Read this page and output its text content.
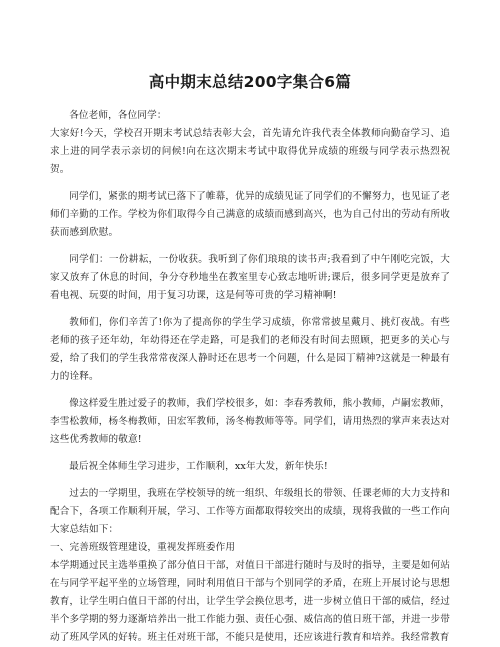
高中期末总结200字集合6篇

各位老师，各位同学：

大家好!今天，学校召开期末考试总结表彰大会，首先请允许我代表全体教师向勤奋学习、追求上进的同学表示亲切的问候!向在这次期末考试中取得优异成绩的班级与同学表示热烈祝贺。

同学们，紧张的期考试已落下了帷幕，优异的成绩见证了同学们的不懈努力，也见证了老师们辛勤的工作。学校为你们取得今自己满意的成绩而感到高兴，也为自己付出的劳动有所收获而感到欣慰。

同学们：一份耕耘，一份收获。我听到了你们琅琅的读书声;我看到了中午刚吃完饭，大家又放弃了休息的时间，争分夺秒地坐在教室里专心致志地听讲;课后，很多同学更是放弃了看电视、玩耍的时间，用于复习功课，这是何等可贵的学习精神啊!

教师们，你们辛苦了!你为了提高你的学生学习成绩，你常常披星戴月、挑灯夜战。有些老师的孩子还年幼，年幼得还在学走路，可是我们的老师没有时间去照顾，把更多的关心与爱，给了我们的学生我常常夜深人静时还在思考一个问题，什么是园丁精神?这就是一种最有力的诠释。

像这样爱生胜过爱子的教师，我们学校很多，如：李春秀教师，熊小教师，卢嗣宏教师，李雪松教师，杨冬梅教师，田宏军教师，汤冬梅教师等等。同学们，请用热烈的掌声来表达对这些优秀教师的敬意!

最后祝全体师生学习进步，工作顺利，xx年大发，新年快乐!

过去的一学期里，我班在学校领导的统一组织、年级组长的带领、任课老师的大力支持和配合下，各项工作顺利开展，学习、工作等方面都取得较突出的成绩，现将我做的一些工作向大家总结如下：

一、完善班级管理建设，重视发挥班委作用

本学期通过民主选举重换了部分值日干部，对值日干部进行随时与及时的指导，主要是如何站在与同学平起平坐的立场管理，同时利用值日干部与个别同学的矛盾，在班上开展讨论与思想教育，让学生明白值日干部的付出，让学生学会换位思考，进一步树立值日干部的威信，经过半个多学期的努力逐渐培养出一批工作能力强、责任心强、威信高的值日班干部，并进一步带动了班风学风的好转。班主任对班干部，不能只是使用，还应该进行教育和培养。我经常教育
